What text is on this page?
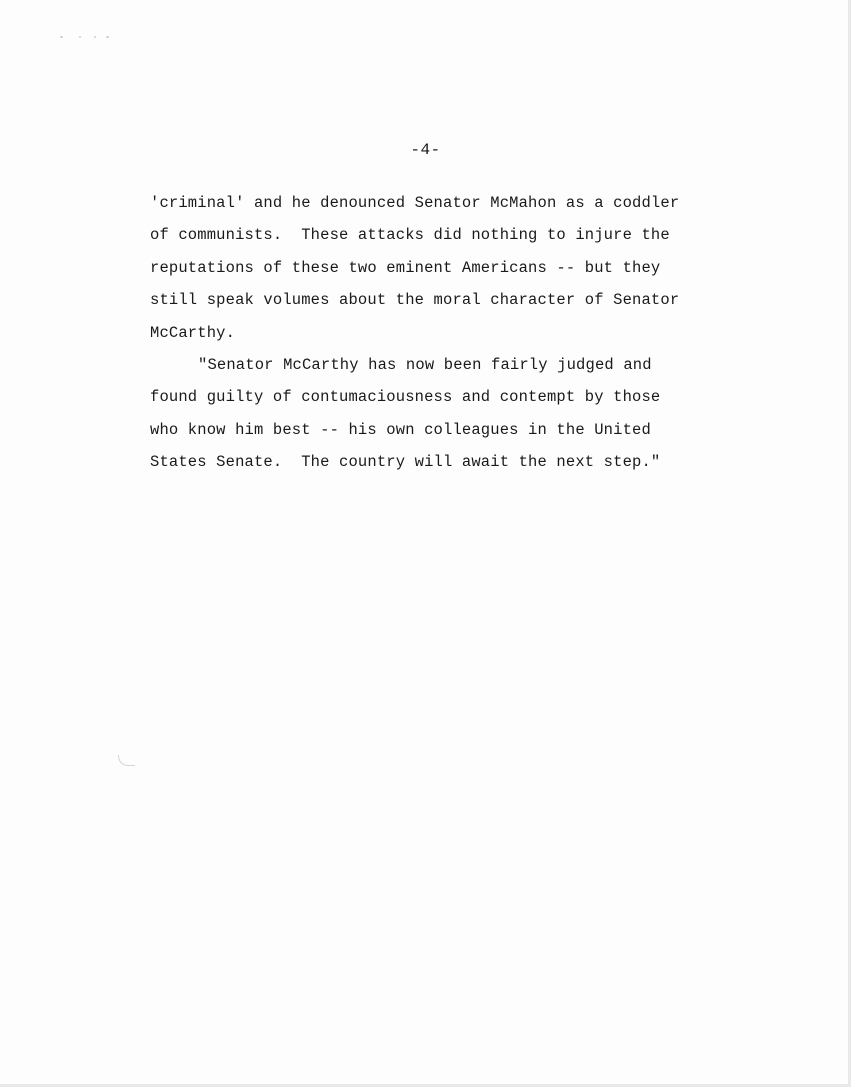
-4-
'criminal' and he denounced Senator McMahon as a coddler
of communists.  These attacks did nothing to injure the
reputations of these two eminent Americans -- but they
still speak volumes about the moral character of Senator
McCarthy.
"Senator McCarthy has now been fairly judged and
found guilty of contumaciousness and contempt by those
who know him best -- his own colleagues in the United
States Senate.  The country will await the next step."
